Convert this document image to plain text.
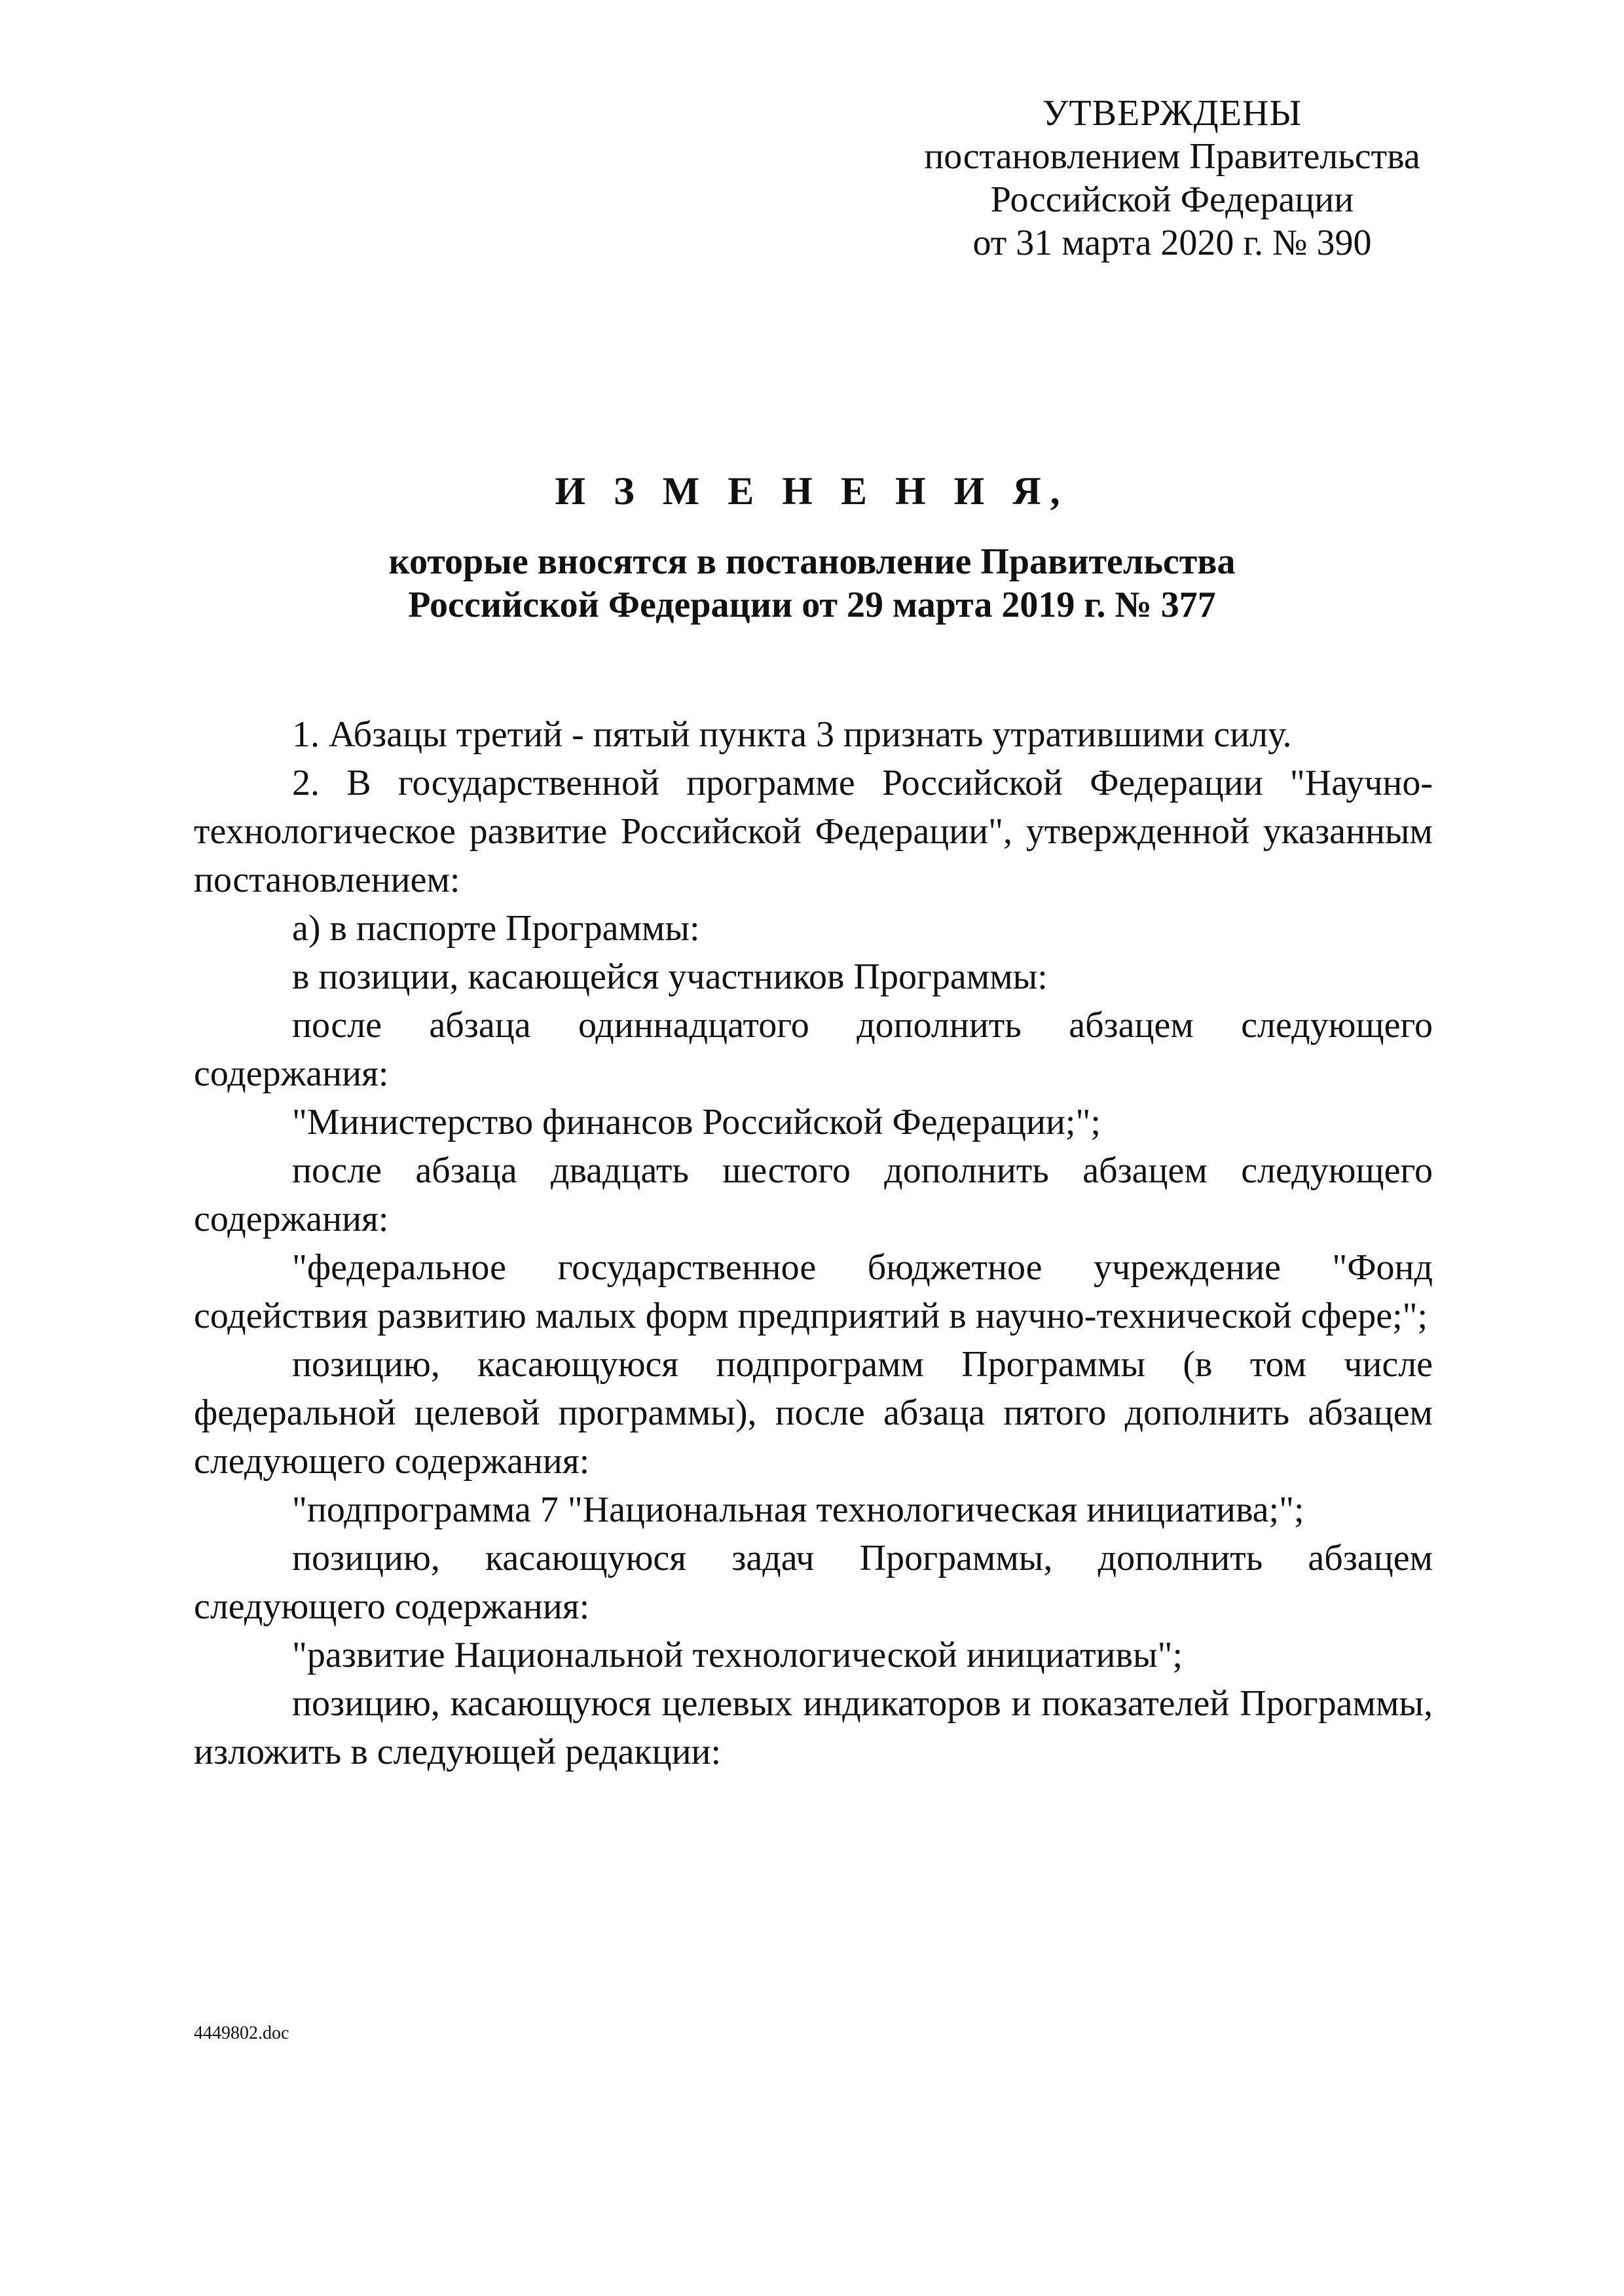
УТВЕРЖДЕНЫ
постановлением Правительства
Российской Федерации
от 31 марта 2020 г. № 390
И З М Е Н Е Н И Я,
которые вносятся в постановление Правительства
Российской Федерации от 29 марта 2019 г. № 377

1. Абзацы третий - пятый пункта 3 признать утратившими силу.

2. В государственной программе Российской Федерации "Научно-технологическое развитие Российской Федерации", утвержденной указанным постановлением:

а) в паспорте Программы:

в позиции, касающейся участников Программы:

после абзаца одиннадцатого дополнить абзацем следующего содержания:

"Министерство финансов Российской Федерации;";

после абзаца двадцать шестого дополнить абзацем следующего содержания:

"федеральное государственное бюджетное учреждение "Фонд содействия развитию малых форм предприятий в научно-технической сфере;";

позицию, касающуюся подпрограмм Программы (в том числе федеральной целевой программы), после абзаца пятого дополнить абзацем следующего содержания:

"подпрограмма 7 "Национальная технологическая инициатива;";

позицию, касающуюся задач Программы, дополнить абзацем следующего содержания:

"развитие Национальной технологической инициативы";

позицию, касающуюся целевых индикаторов и показателей Программы, изложить в следующей редакции:

4449802.doc
